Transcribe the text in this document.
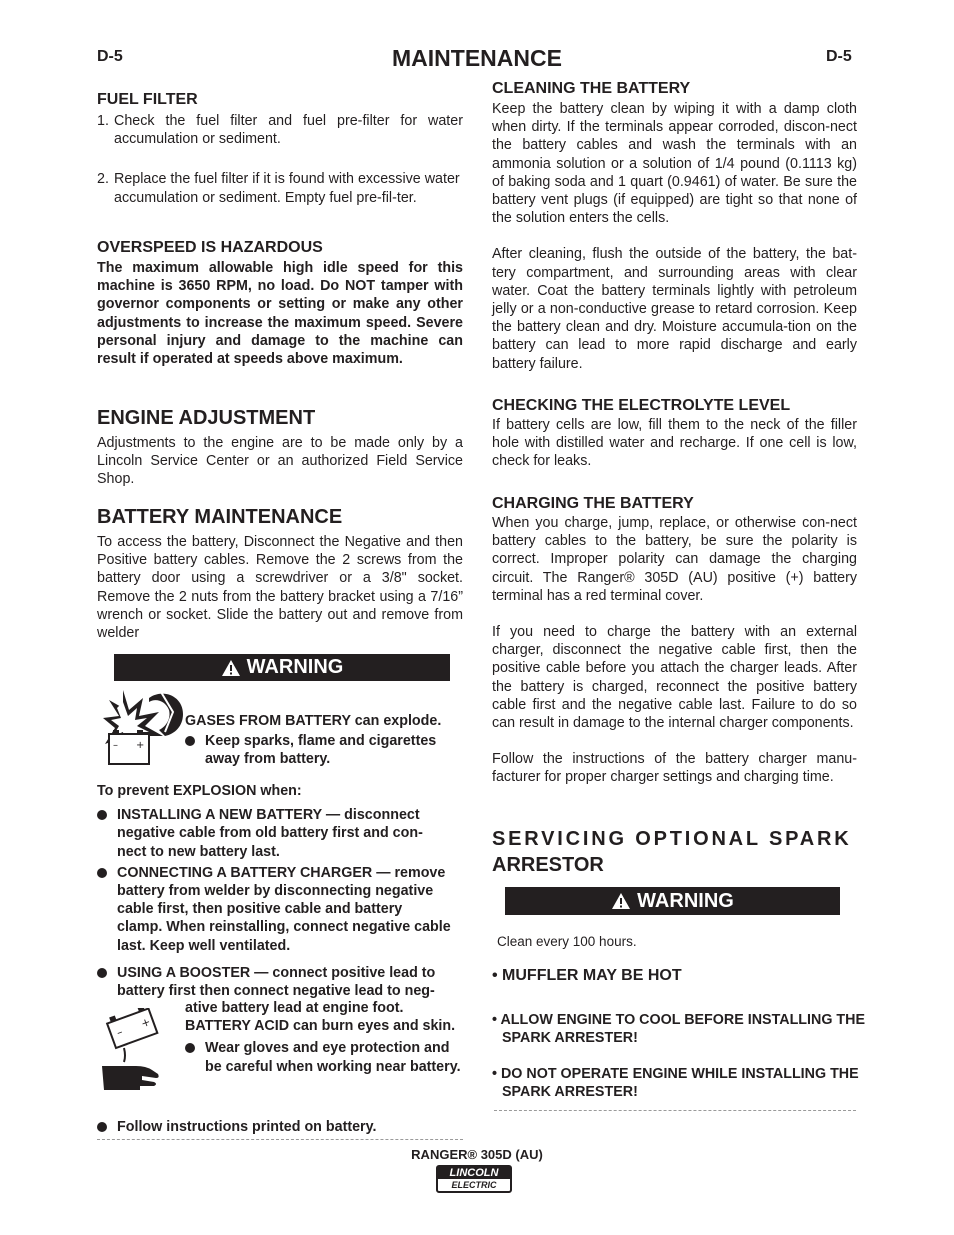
D-5	MAINTENANCE	D-5

FUEL FILTER

1. Check the fuel filter and fuel pre-filter for water accumulation or sediment.
2. Replace the fuel filter if it is found with excessive water accumulation or sediment. Empty fuel pre-fil-ter.

OVERSPEED IS HAZARDOUS

The maximum allowable high idle speed for this machine is 3650 RPM, no load. Do NOT tamper with governor components or setting or make any other adjustments to increase the maximum speed. Severe personal injury and damage to the machine can result if operated at speeds above maximum.

ENGINE ADJUSTMENT

Adjustments to the engine are to be made only by a Lincoln Service Center or an authorized Field Service Shop.

BATTERY MAINTENANCE

To access the battery, Disconnect the Negative and then Positive battery cables. Remove the 2 screws from the battery door using a screwdriver or a 3/8" socket. Remove the 2 nuts from the battery bracket using a 7/16” wrench or socket. Slide the battery out and remove from welder

WARNING
– +

GASES FROM BATTERY can explode.

Keep sparks, flame and cigarettes away from battery.

To prevent EXPLOSION when:

INSTALLING A NEW BATTERY — disconnect negative cable from old battery first and con-nect to new battery last.
CONNECTING A BATTERY CHARGER — remove battery from welder by disconnecting negative cable first, then positive cable and battery clamp. When reinstalling, connect negative cable last. Keep well ventilated.
USING A BOOSTER — connect positive lead to battery first then connect negative lead to neg-
–
+

ative battery lead at engine foot.

BATTERY ACID can burn eyes and skin.

Wear gloves and eye protection and be careful when working near battery.
Follow instructions printed on battery.

CLEANING THE BATTERY

Keep the battery clean by wiping it with a damp cloth when dirty. If the terminals appear corroded, discon-nect the battery cables and wash the terminals with an ammonia solution or a solution of 1/4 pound (0.1113 kg) of baking soda and 1 quart (0.9461) of water. Be sure the battery vent plugs (if equipped) are tight so that none of the solution enters the cells.

After cleaning, flush the outside of the battery, the bat-tery compartment, and surrounding areas with clear water. Coat the battery terminals lightly with petroleum jelly or a non-conductive grease to retard corrosion. Keep the battery clean and dry. Moisture accumula-tion on the battery can lead to more rapid discharge and early battery failure.

CHECKING THE ELECTROLYTE LEVEL

If battery cells are low, fill them to the neck of the filler hole with distilled water and recharge. If one cell is low, check for leaks.

CHARGING THE BATTERY

When you charge, jump, replace, or otherwise con-nect battery cables to the battery, be sure the polarity is correct. Improper polarity can damage the charging circuit. The Ranger® 305D (AU) positive (+) battery terminal has a red terminal cover.

If you need to charge the battery with an external charger, disconnect the negative cable first, then the positive cable before you attach the charger leads. After the battery is charged, reconnect the positive battery cable first and the negative cable last. Failure to do so can result in damage to the internal charger components.

Follow the instructions of the battery charger manu-facturer for proper charger settings and charging time.

SERVICING OPTIONAL SPARK

ARRESTOR

WARNING
Clean every 100 hours.
• MUFFLER MAY BE HOT
• ALLOW ENGINE TO COOL BEFORE INSTALLING THE SPARK ARRESTER!
• DO NOT OPERATE ENGINE WHILE INSTALLING THE SPARK ARRESTER!
RANGER® 305D (AU)
LINCOLN
ELECTRIC
